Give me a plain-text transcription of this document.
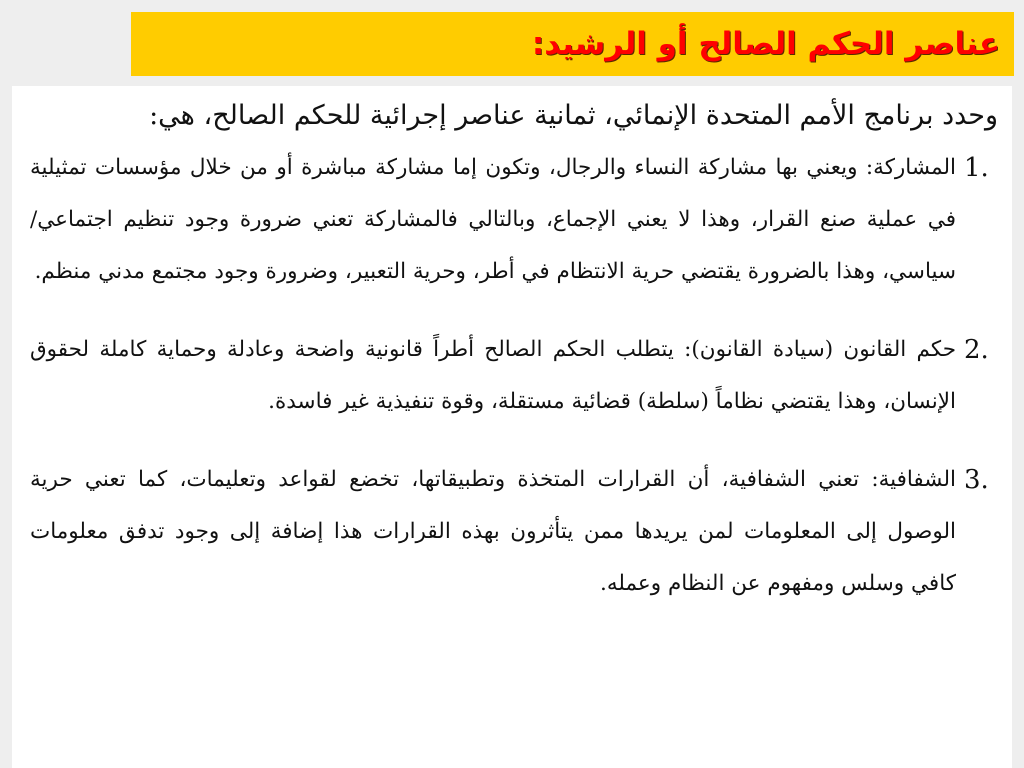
عناصر الحكم الصالح أو الرشيد:
وحدد برنامج الأمم المتحدة الإنمائي، ثمانية عناصر إجرائية للحكم الصالح، هي:
1.
المشاركة: ويعني بها مشاركة النساء والرجال، وتكون إما مشاركة مباشرة أو من خلال مؤسسات تمثيلية في عملية صنع القرار، وهذا لا يعني الإجماع، وبالتالي فالمشاركة تعني ضرورة وجود تنظيم اجتماعي/ سياسي، وهذا بالضرورة يقتضي حرية الانتظام في أطر، وحرية التعبير، وضرورة وجود مجتمع مدني منظم.
2.
حكم القانون (سيادة القانون): يتطلب الحكم الصالح أطراً قانونية واضحة وعادلة وحماية كاملة لحقوق الإنسان، وهذا يقتضي نظاماً (سلطة) قضائية مستقلة، وقوة تنفيذية غير فاسدة.
3.
الشفافية: تعني الشفافية، أن القرارات المتخذة وتطبيقاتها، تخضع لقواعد وتعليمات، كما تعني حرية الوصول إلى المعلومات لمن يريدها ممن يتأثرون بهذه القرارات هذا إضافة إلى وجود تدفق معلومات كافي وسلس ومفهوم عن النظام وعمله.
